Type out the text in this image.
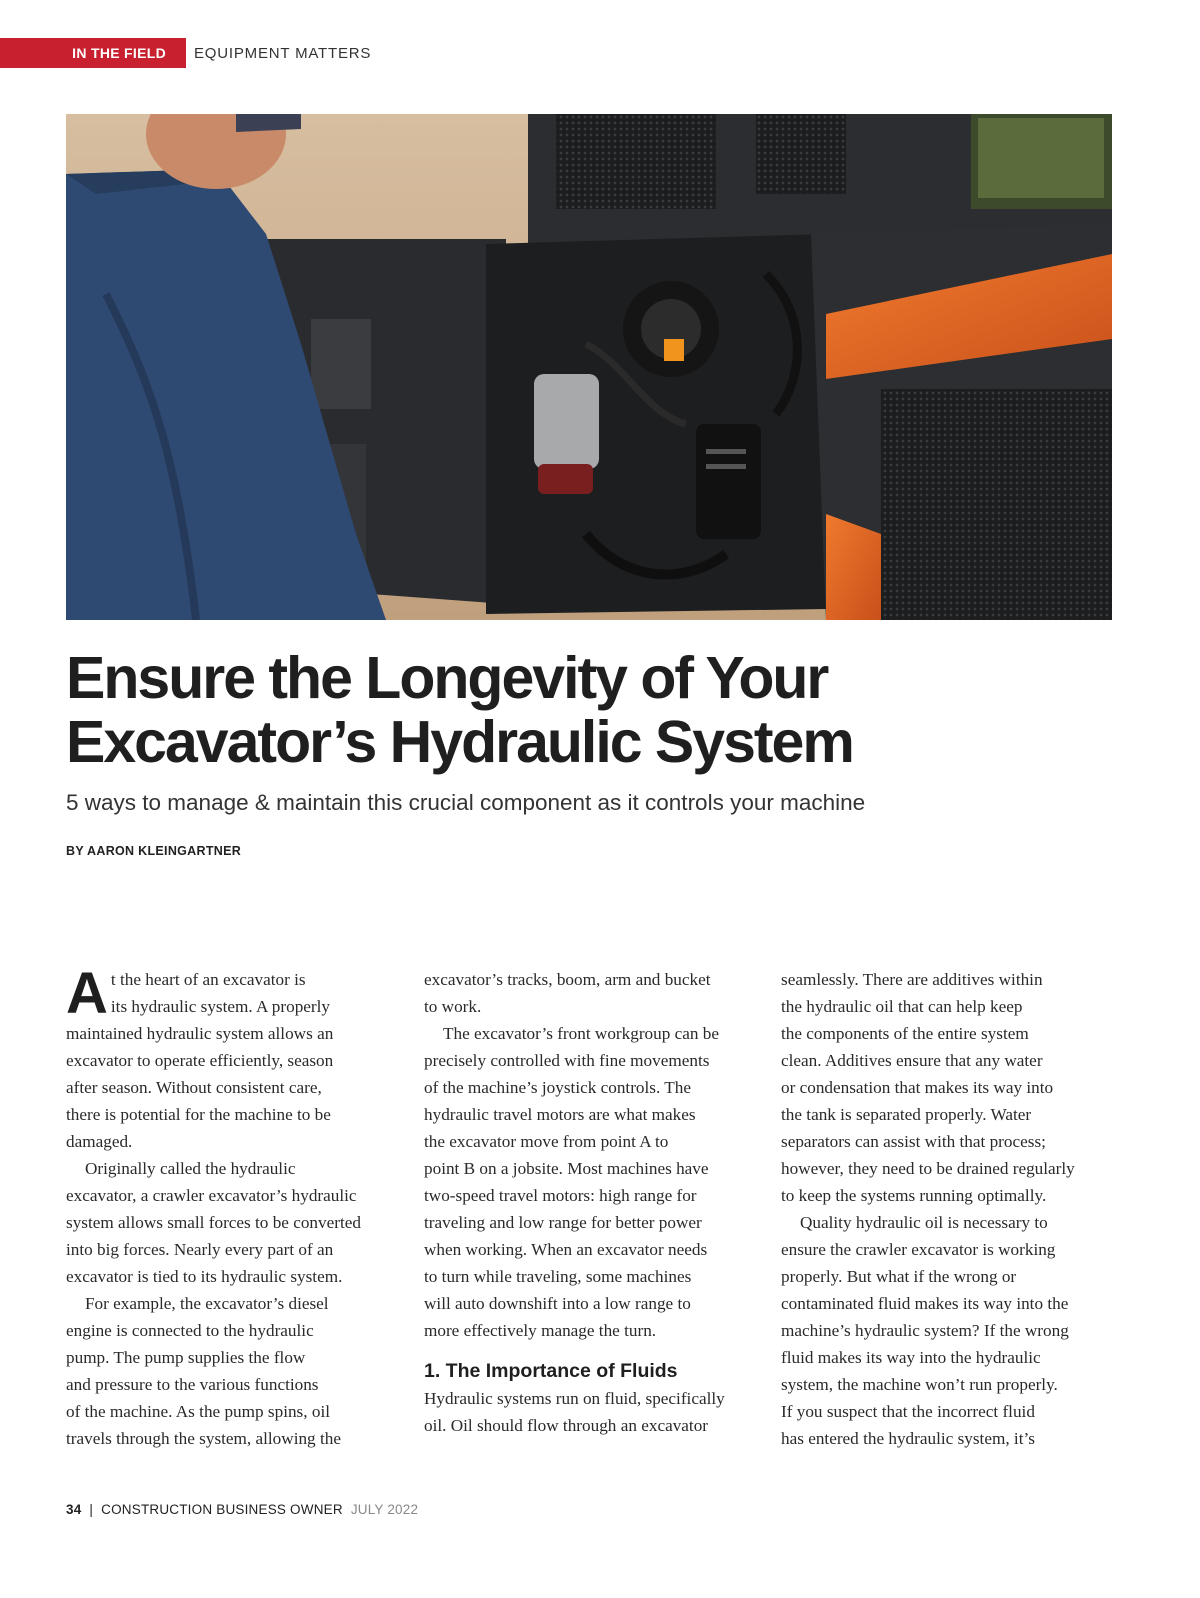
IN THE FIELD	EQUIPMENT MATTERS
Ensure the Longevity of Your
Excavator’s Hydraulic System
5 ways to manage & maintain this crucial component as it controls your machine
BY AARON KLEINGARTNER
A t the heart of an excavator is
its hydraulic system. A properly
maintained hydraulic system allows an
excavator to operate efficiently, season
after season. Without consistent care,
there is potential for the machine to be
damaged.
Originally called the hydraulic
excavator, a crawler excavator’s hydraulic
system allows small forces to be converted
into big forces. Nearly every part of an
excavator is tied to its hydraulic system.
For example, the excavator’s diesel
engine is connected to the hydraulic
pump. The pump supplies the flow
and pressure to the various functions
of the machine. As the pump spins, oil
travels through the system, allowing the
excavator’s tracks, boom, arm and bucket
to work.
The excavator’s front workgroup can be
precisely controlled with fine movements
of the machine’s joystick controls. The
hydraulic travel motors are what makes
the excavator move from point A to
point B on a jobsite. Most machines have
two-speed travel motors: high range for
traveling and low range for better power
when working. When an excavator needs
to turn while traveling, some machines
will auto downshift into a low range to
more effectively manage the turn.
1. The Importance of Fluids
Hydraulic systems run on fluid, specifically
oil. Oil should flow through an excavator
seamlessly. There are additives within
the hydraulic oil that can help keep
the components of the entire system
clean. Additives ensure that any water
or condensation that makes its way into
the tank is separated properly. Water
separators can assist with that process;
however, they need to be drained regularly
to keep the systems running optimally.
Quality hydraulic oil is necessary to
ensure the crawler excavator is working
properly. But what if the wrong or
contaminated fluid makes its way into the
machine’s hydraulic system? If the wrong
fluid makes its way into the hydraulic
system, the machine won’t run properly.
If you suspect that the incorrect fluid
has entered the hydraulic system, it’s
34 | CONSTRUCTION BUSINESS OWNER JULY 2022
